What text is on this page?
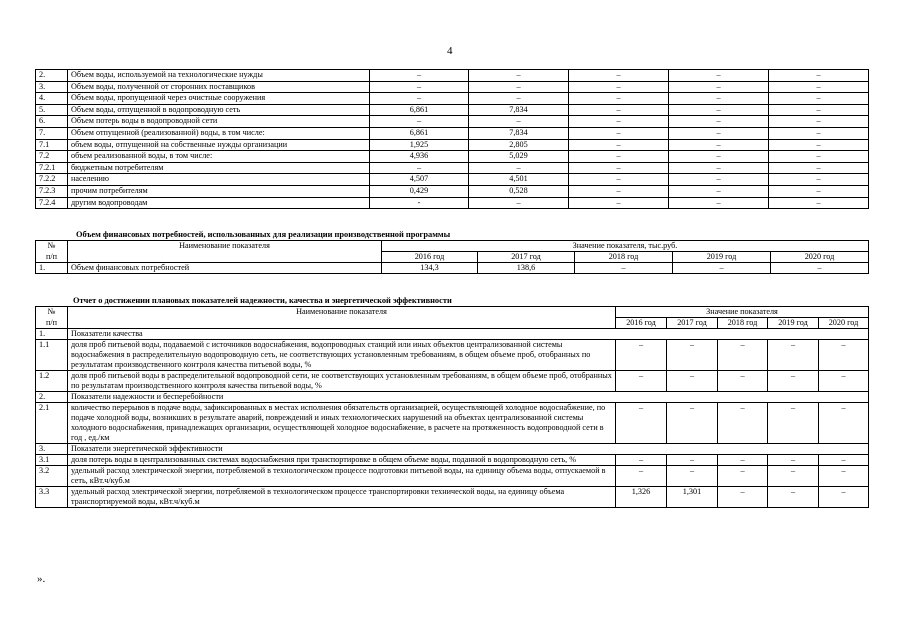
4
2.	Объем воды, используемой на технологические нужды	–	–	–	–	–
3.	Объем воды, полученной от сторонних поставщиков	–	–	–	–	–
4.	Объем воды, пропущенной через очистные сооружения	–	–	–	–	–
5.	Объем воды, отпущенной в водопроводную сеть	6,861	7,834	–	–	–
6.	Объем потерь воды в водопроводной сети	–	–	–	–	–
7.	Объем отпущенной (реализованной) воды, в том числе:	6,861	7,834	–	–	–
7.1	объем воды, отпущенной на собственные нужды организации	1,925	2,805	–	–	–
7.2	объем реализованной воды, в том числе:	4,936	5,029	–	–	–
7.2.1	бюджетным потребителям	–	–	–	–	–
7.2.2	населению	4,507	4,501	–	–	–
7.2.3	прочим потребителям	0,429	0,528	–	–	–
7.2.4	другим водопроводам	-	–	–	–	–
Объем финансовых потребностей, использованных для реализации производственной программы
№	Наименование показателя	Значение показателя, тыс.руб.				
п/п		2016 год	2017 год	2018 год	2019 год	2020 год
1.	Объем финансовых потребностей	134,3	138,6	–	–	–
Отчет о достижении плановых показателей надежности, качества и энергетической эффективности
№	Наименование показателя	Значение показателя				
п/п		2016 год	2017 год	2018 год	2019 год	2020 год
1.	Показатели качества					
1.1	доля проб питьевой воды, подаваемой с источников водоснабжения, водопроводных станций или иных объектов централизованной системы водоснабжения в распределительную водопроводную сеть, не соответствующих установленным требованиям, в общем объеме проб, отобранных по результатам производственного контроля качества питьевой воды, %	–	–	–	–	–
1.2	доля проб питьевой воды в распределительной водопроводной сети, не соответствующих установленным требованиям, в общем объеме проб, отобранных по результатам производственного контроля качества питьевой воды, %	–	–	–	–	–
2.	Показатели надежности и бесперебойности					
2.1	количество перерывов в подаче воды, зафиксированных в местах исполнения обязательств организацией, осуществляющей холодное водоснабжение, по подаче холодной воды, возникших в результате аварий, повреждений и иных технологических нарушений на объектах централизованной системы холодного водоснабжения, принадлежащих организации, осуществляющей холодное водоснабжение, в расчете на протяженность водопроводной сети в год , ед./км	–	–	–	–	–
3.	Показатели энергетической эффективности					
3.1	доля потерь воды в централизованных системах водоснабжения при транспортировке в общем объеме воды, поданной в водопроводную сеть, %	–	–	–	–	–
3.2	удельный расход электрической энергии, потребляемой в технологическом процессе подготовки питьевой воды, на единицу объема воды, отпускаемой в сеть, кВт.ч/куб.м	–	–	–	–	–
3.3	удельный расход электрической энергии, потребляемой в технологическом процессе транспортировки технической воды, на единицу объема транспортируемой воды, кВт.ч/куб.м	1,326	1,301	–	–	–
».
